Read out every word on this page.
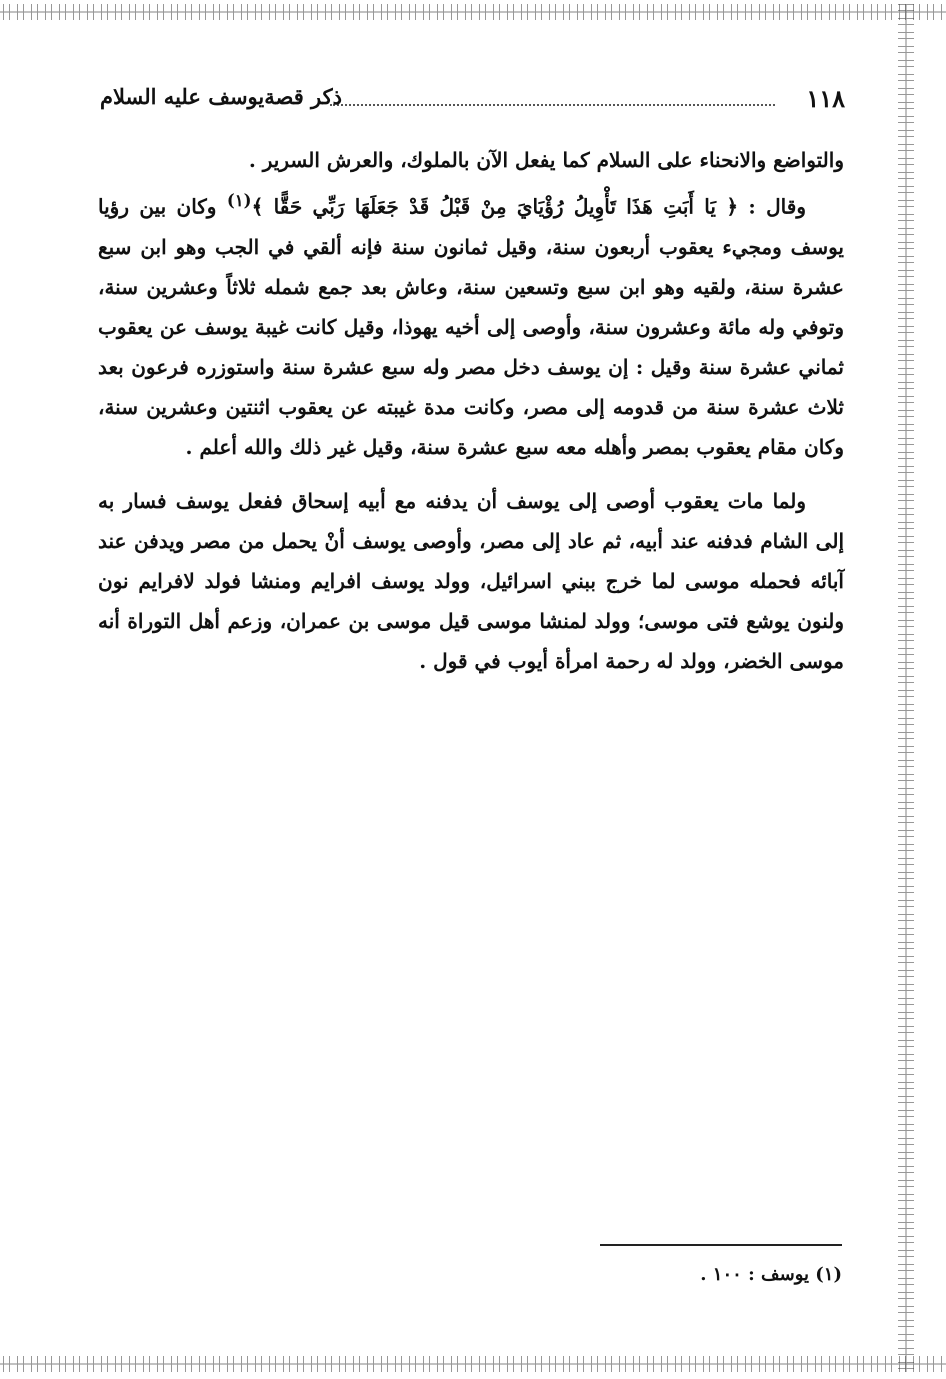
١١٨
ذكر قصةيوسف عليه السلام

والتواضع والانحناء على السلام كما يفعل الآن بالملوك، والعرش السرير .

وقال : ﴿ يَا أَبَتِ هَذَا تَأْوِيلُ رُؤْيَايَ مِنْ قَبْلُ قَدْ جَعَلَهَا رَبِّي حَقًّا ﴾$^{(١)}$ وكان بين رؤيا يوسف ومجيء يعقوب أربعون سنة، وقيل ثمانون سنة فإنه ألقي في الجب وهو ابن سبع عشرة سنة، ولقيه وهو ابن سبع وتسعين سنة، وعاش بعد جمع شمله ثلاثاً وعشرين سنة، وتوفي وله مائة وعشرون سنة، وأوصى إلى أخيه يهوذا، وقيل كانت غيبة يوسف عن يعقوب ثماني عشرة سنة وقيل : إن يوسف دخل مصر وله سبع عشرة سنة واستوزره فرعون بعد ثلاث عشرة سنة من قدومه إلى مصر، وكانت مدة غيبته عن يعقوب اثنتين وعشرين سنة، وكان مقام يعقوب بمصر وأهله معه سبع عشرة سنة، وقيل غير ذلك والله أعلم .

ولما مات يعقوب أوصى إلى يوسف أن يدفنه مع أبيه إسحاق ففعل يوسف فسار به إلى الشام فدفنه عند أبيه، ثم عاد إلى مصر، وأوصى يوسف أنْ يحمل من مصر ويدفن عند آبائه فحمله موسى لما خرج ببني اسرائيل، وولد يوسف افرايم ومنشا فولد لافرايم نون ولنون يوشع فتى موسى؛ وولد لمنشا موسى قيل موسى بن عمران، وزعم أهل التوراة أنه موسى الخضر، وولد له رحمة امرأة أيوب في قول .

(١) يوسف : ١٠٠ .
